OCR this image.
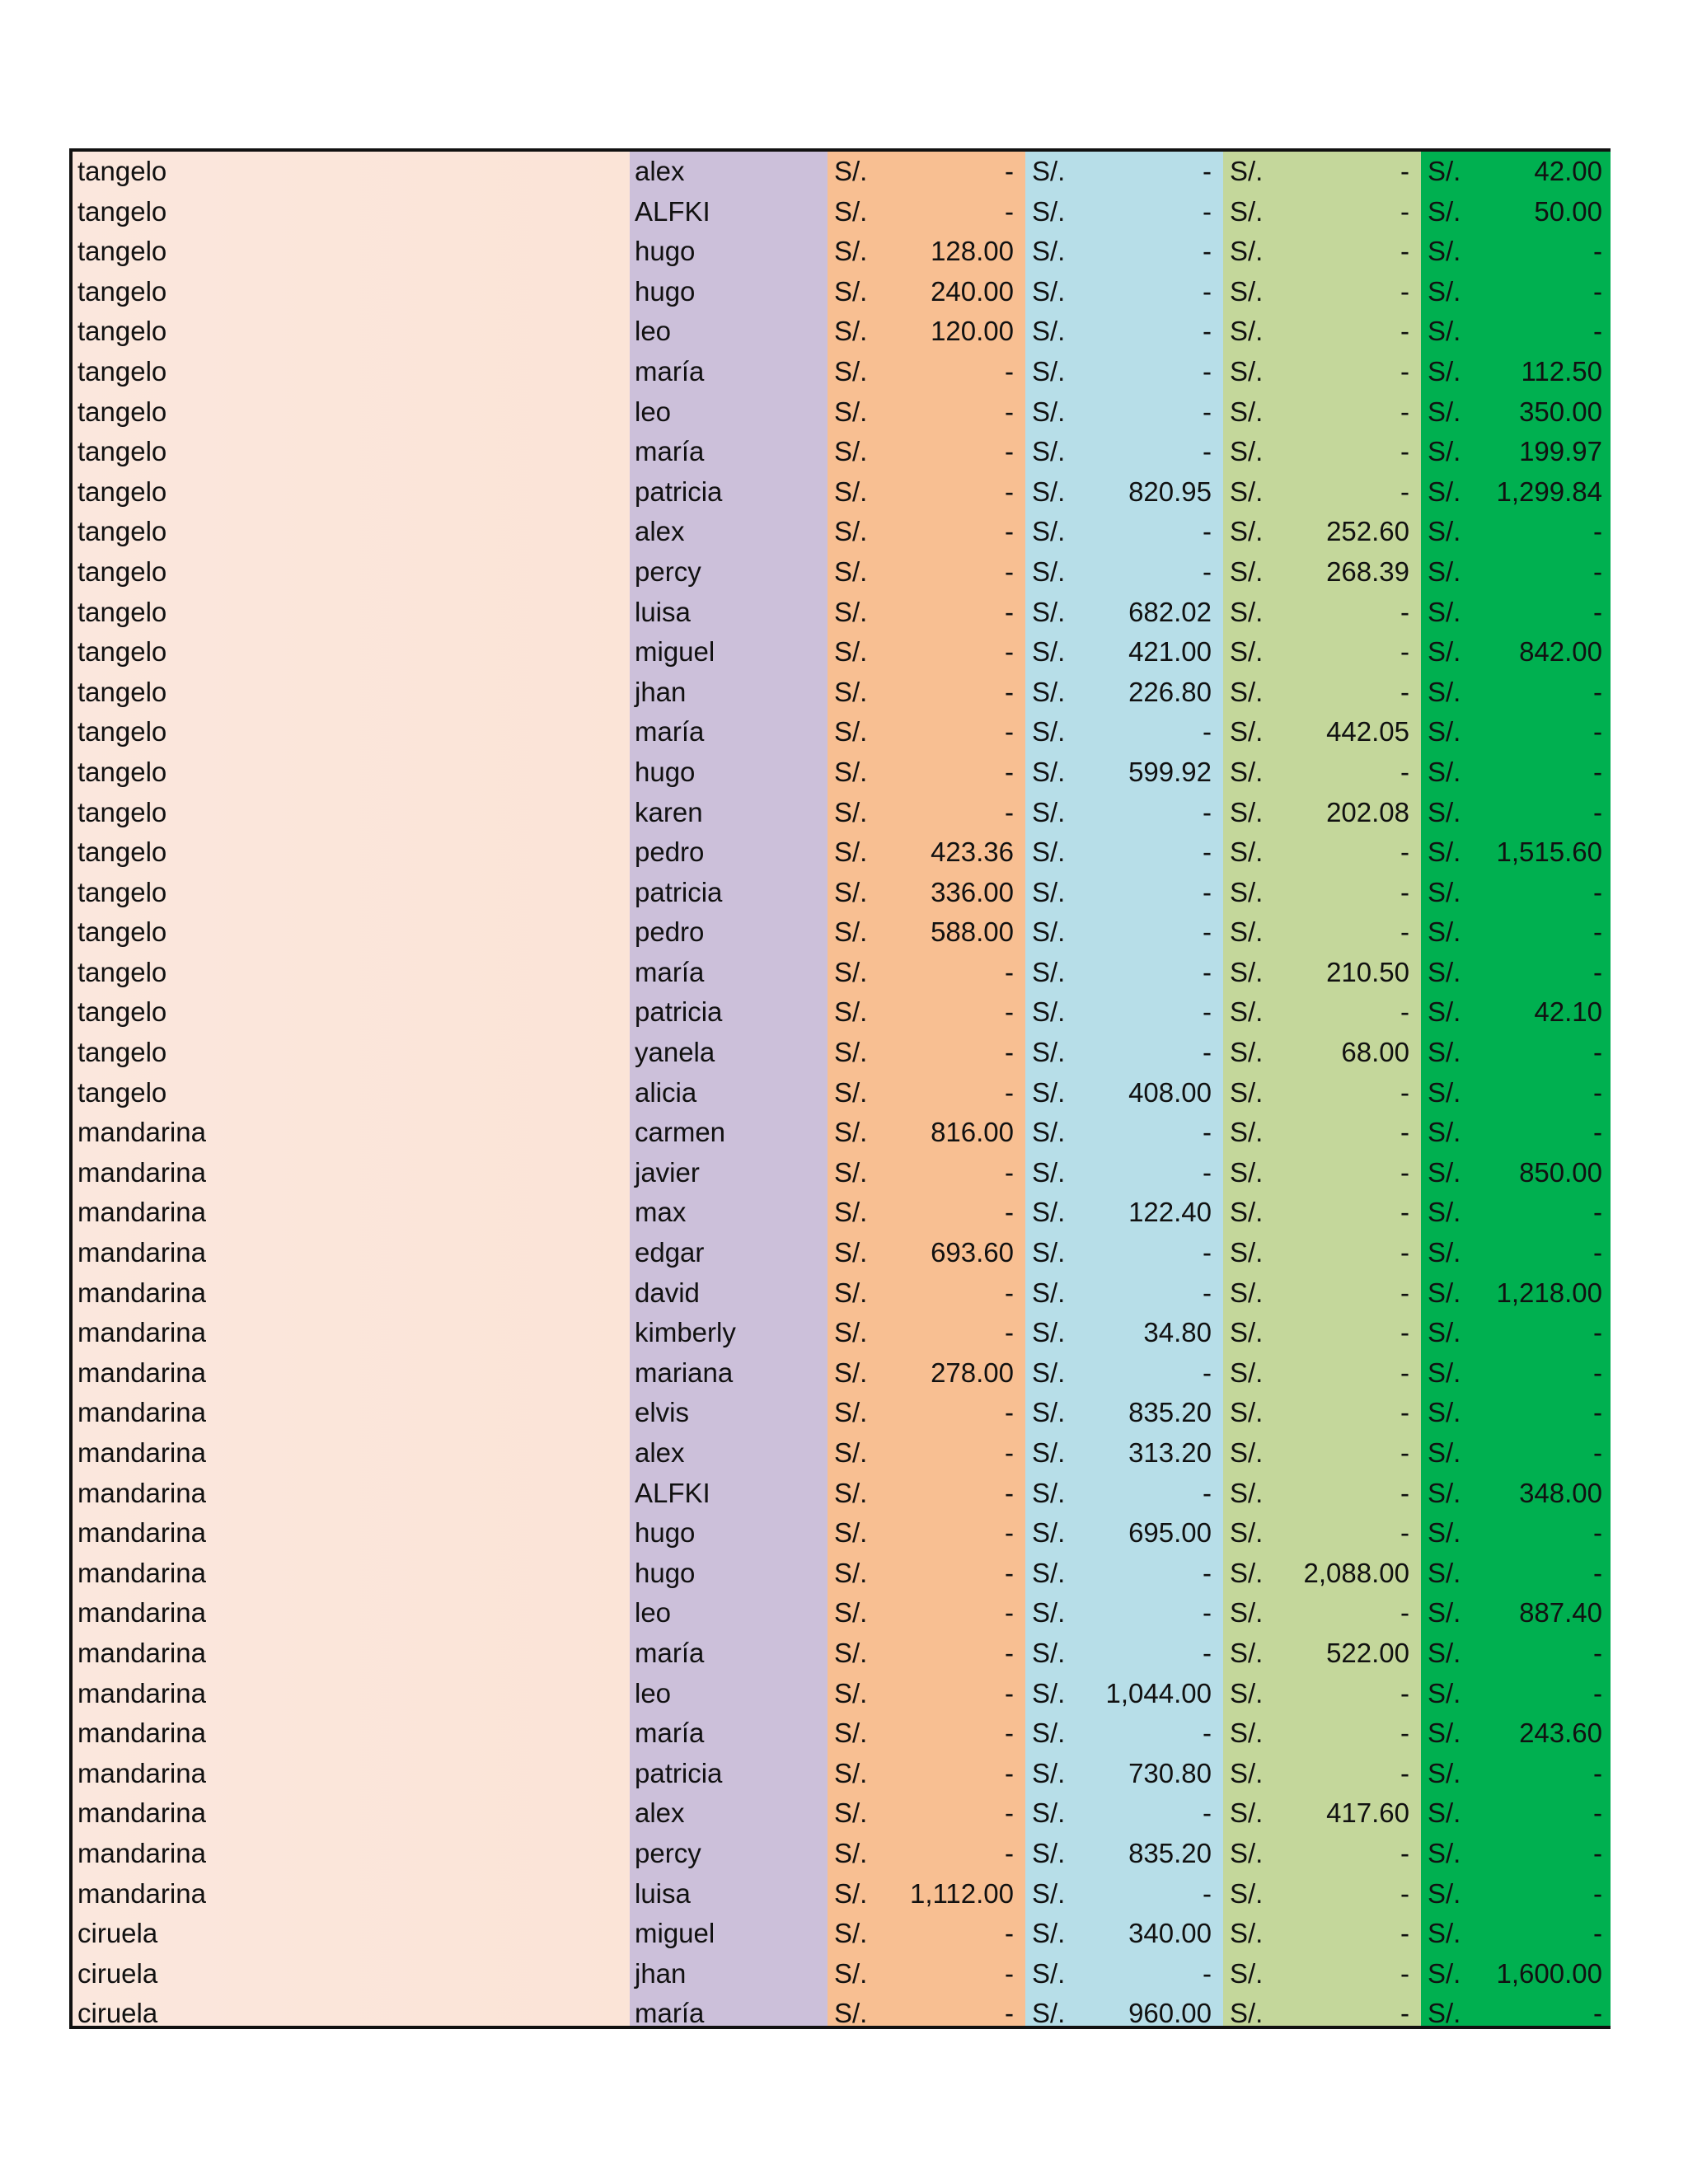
tangelo	alex	S/.	- S/.	- S/.	- S/.	42.00
tangelo	ALFKI	S/.	- S/.	- S/.	- S/.	50.00
tangelo	hugo	S/.	128.00 S/.	- S/.	- S/.	-
tangelo	hugo	S/.	240.00 S/.	- S/.	- S/.	-
tangelo	leo	S/.	120.00 S/.	- S/.	- S/.	-
tangelo	maría	S/.	- S/.	- S/.	- S/.	112.50
tangelo	leo	S/.	- S/.	- S/.	- S/.	350.00
tangelo	maría	S/.	- S/.	- S/.	- S/.	199.97
tangelo	patricia	S/.	- S/.	820.95 S/.	- S/.	1,299.84
tangelo	alex	S/.	- S/.	- S/.	252.60 S/.	-
tangelo	percy	S/.	- S/.	- S/.	268.39 S/.	-
tangelo	luisa	S/.	- S/.	682.02 S/.	- S/.	-
tangelo	miguel	S/.	- S/.	421.00 S/.	- S/.	842.00
tangelo	jhan	S/.	- S/.	226.80 S/.	- S/.	-
tangelo	maría	S/.	- S/.	- S/.	442.05 S/.	-
tangelo	hugo	S/.	- S/.	599.92 S/.	- S/.	-
tangelo	karen	S/.	- S/.	- S/.	202.08 S/.	-
tangelo	pedro	S/.	423.36 S/.	- S/.	- S/.	1,515.60
tangelo	patricia	S/.	336.00 S/.	- S/.	- S/.	-
tangelo	pedro	S/.	588.00 S/.	- S/.	- S/.	-
tangelo	maría	S/.	- S/.	- S/.	210.50 S/.	-
tangelo	patricia	S/.	- S/.	- S/.	- S/.	42.10
tangelo	yanela	S/.	- S/.	- S/.	68.00 S/.	-
tangelo	alicia	S/.	- S/.	408.00 S/.	- S/.	-
mandarina	carmen	S/.	816.00 S/.	- S/.	- S/.	-
mandarina	javier	S/.	- S/.	- S/.	- S/.	850.00
mandarina	max	S/.	- S/.	122.40 S/.	- S/.	-
mandarina	edgar	S/.	693.60 S/.	- S/.	- S/.	-
mandarina	david	S/.	- S/.	- S/.	- S/.	1,218.00
mandarina	kimberly	S/.	- S/.	34.80 S/.	- S/.	-
mandarina	mariana	S/.	278.00 S/.	- S/.	- S/.	-
mandarina	elvis	S/.	- S/.	835.20 S/.	- S/.	-
mandarina	alex	S/.	- S/.	313.20 S/.	- S/.	-
mandarina	ALFKI	S/.	- S/.	- S/.	- S/.	348.00
mandarina	hugo	S/.	- S/.	695.00 S/.	- S/.	-
mandarina	hugo	S/.	- S/.	- S/.	2,088.00 S/.	-
mandarina	leo	S/.	- S/.	- S/.	- S/.	887.40
mandarina	maría	S/.	- S/.	- S/.	522.00 S/.	-
mandarina	leo	S/.	- S/.	1,044.00 S/.	- S/.	-
mandarina	maría	S/.	- S/.	- S/.	- S/.	243.60
mandarina	patricia	S/.	- S/.	730.80 S/.	- S/.	-
mandarina	alex	S/.	- S/.	- S/.	417.60 S/.	-
mandarina	percy	S/.	- S/.	835.20 S/.	- S/.	-
mandarina	luisa	S/.	1,112.00 S/.	- S/.	- S/.	-
ciruela	miguel	S/.	- S/.	340.00 S/.	- S/.	-
ciruela	jhan	S/.	- S/.	- S/.	- S/.	1,600.00
ciruela	maría	S/.	- S/.	960.00 S/.	- S/.	-
